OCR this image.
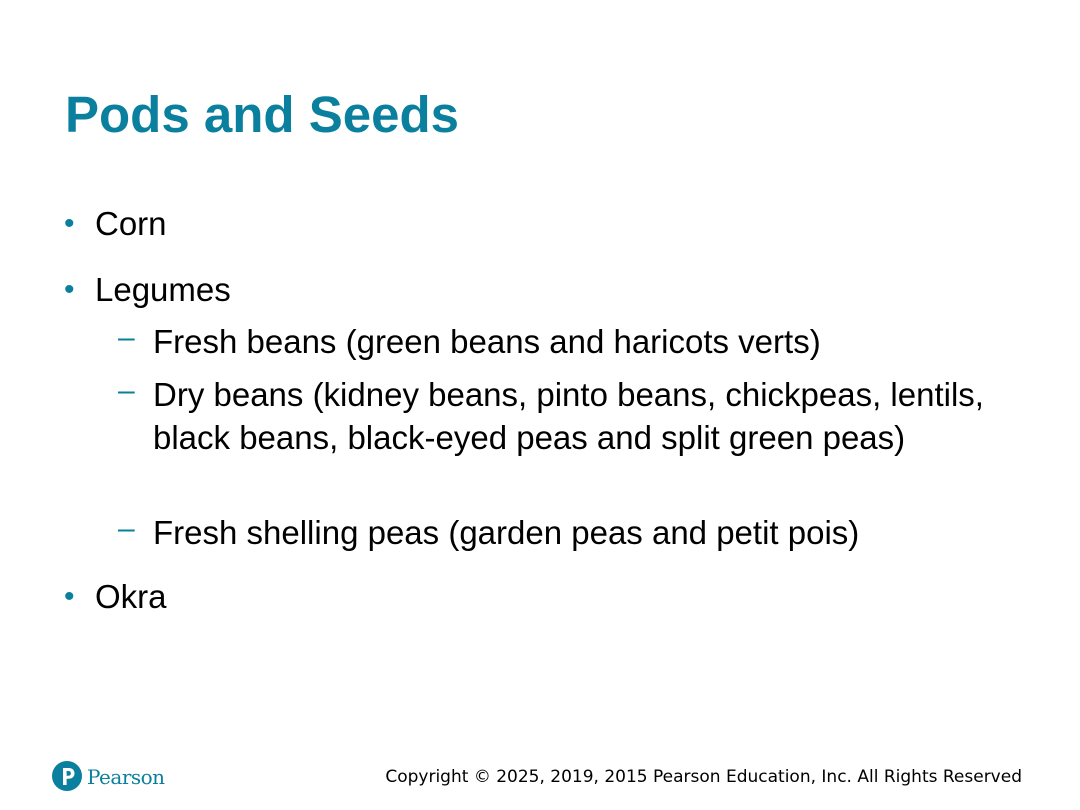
Pods and Seeds
• Corn
• Legumes
– Fresh beans (green beans and haricots verts)
– Dry beans (kidney beans, pinto beans, chickpeas, lentils, black beans, black-eyed peas and split green peas)
– Fresh shelling peas (garden peas and petit pois)
• Okra
Pearson	Copyright © 2025, 2019, 2015 Pearson Education, Inc. All Rights Reserved
